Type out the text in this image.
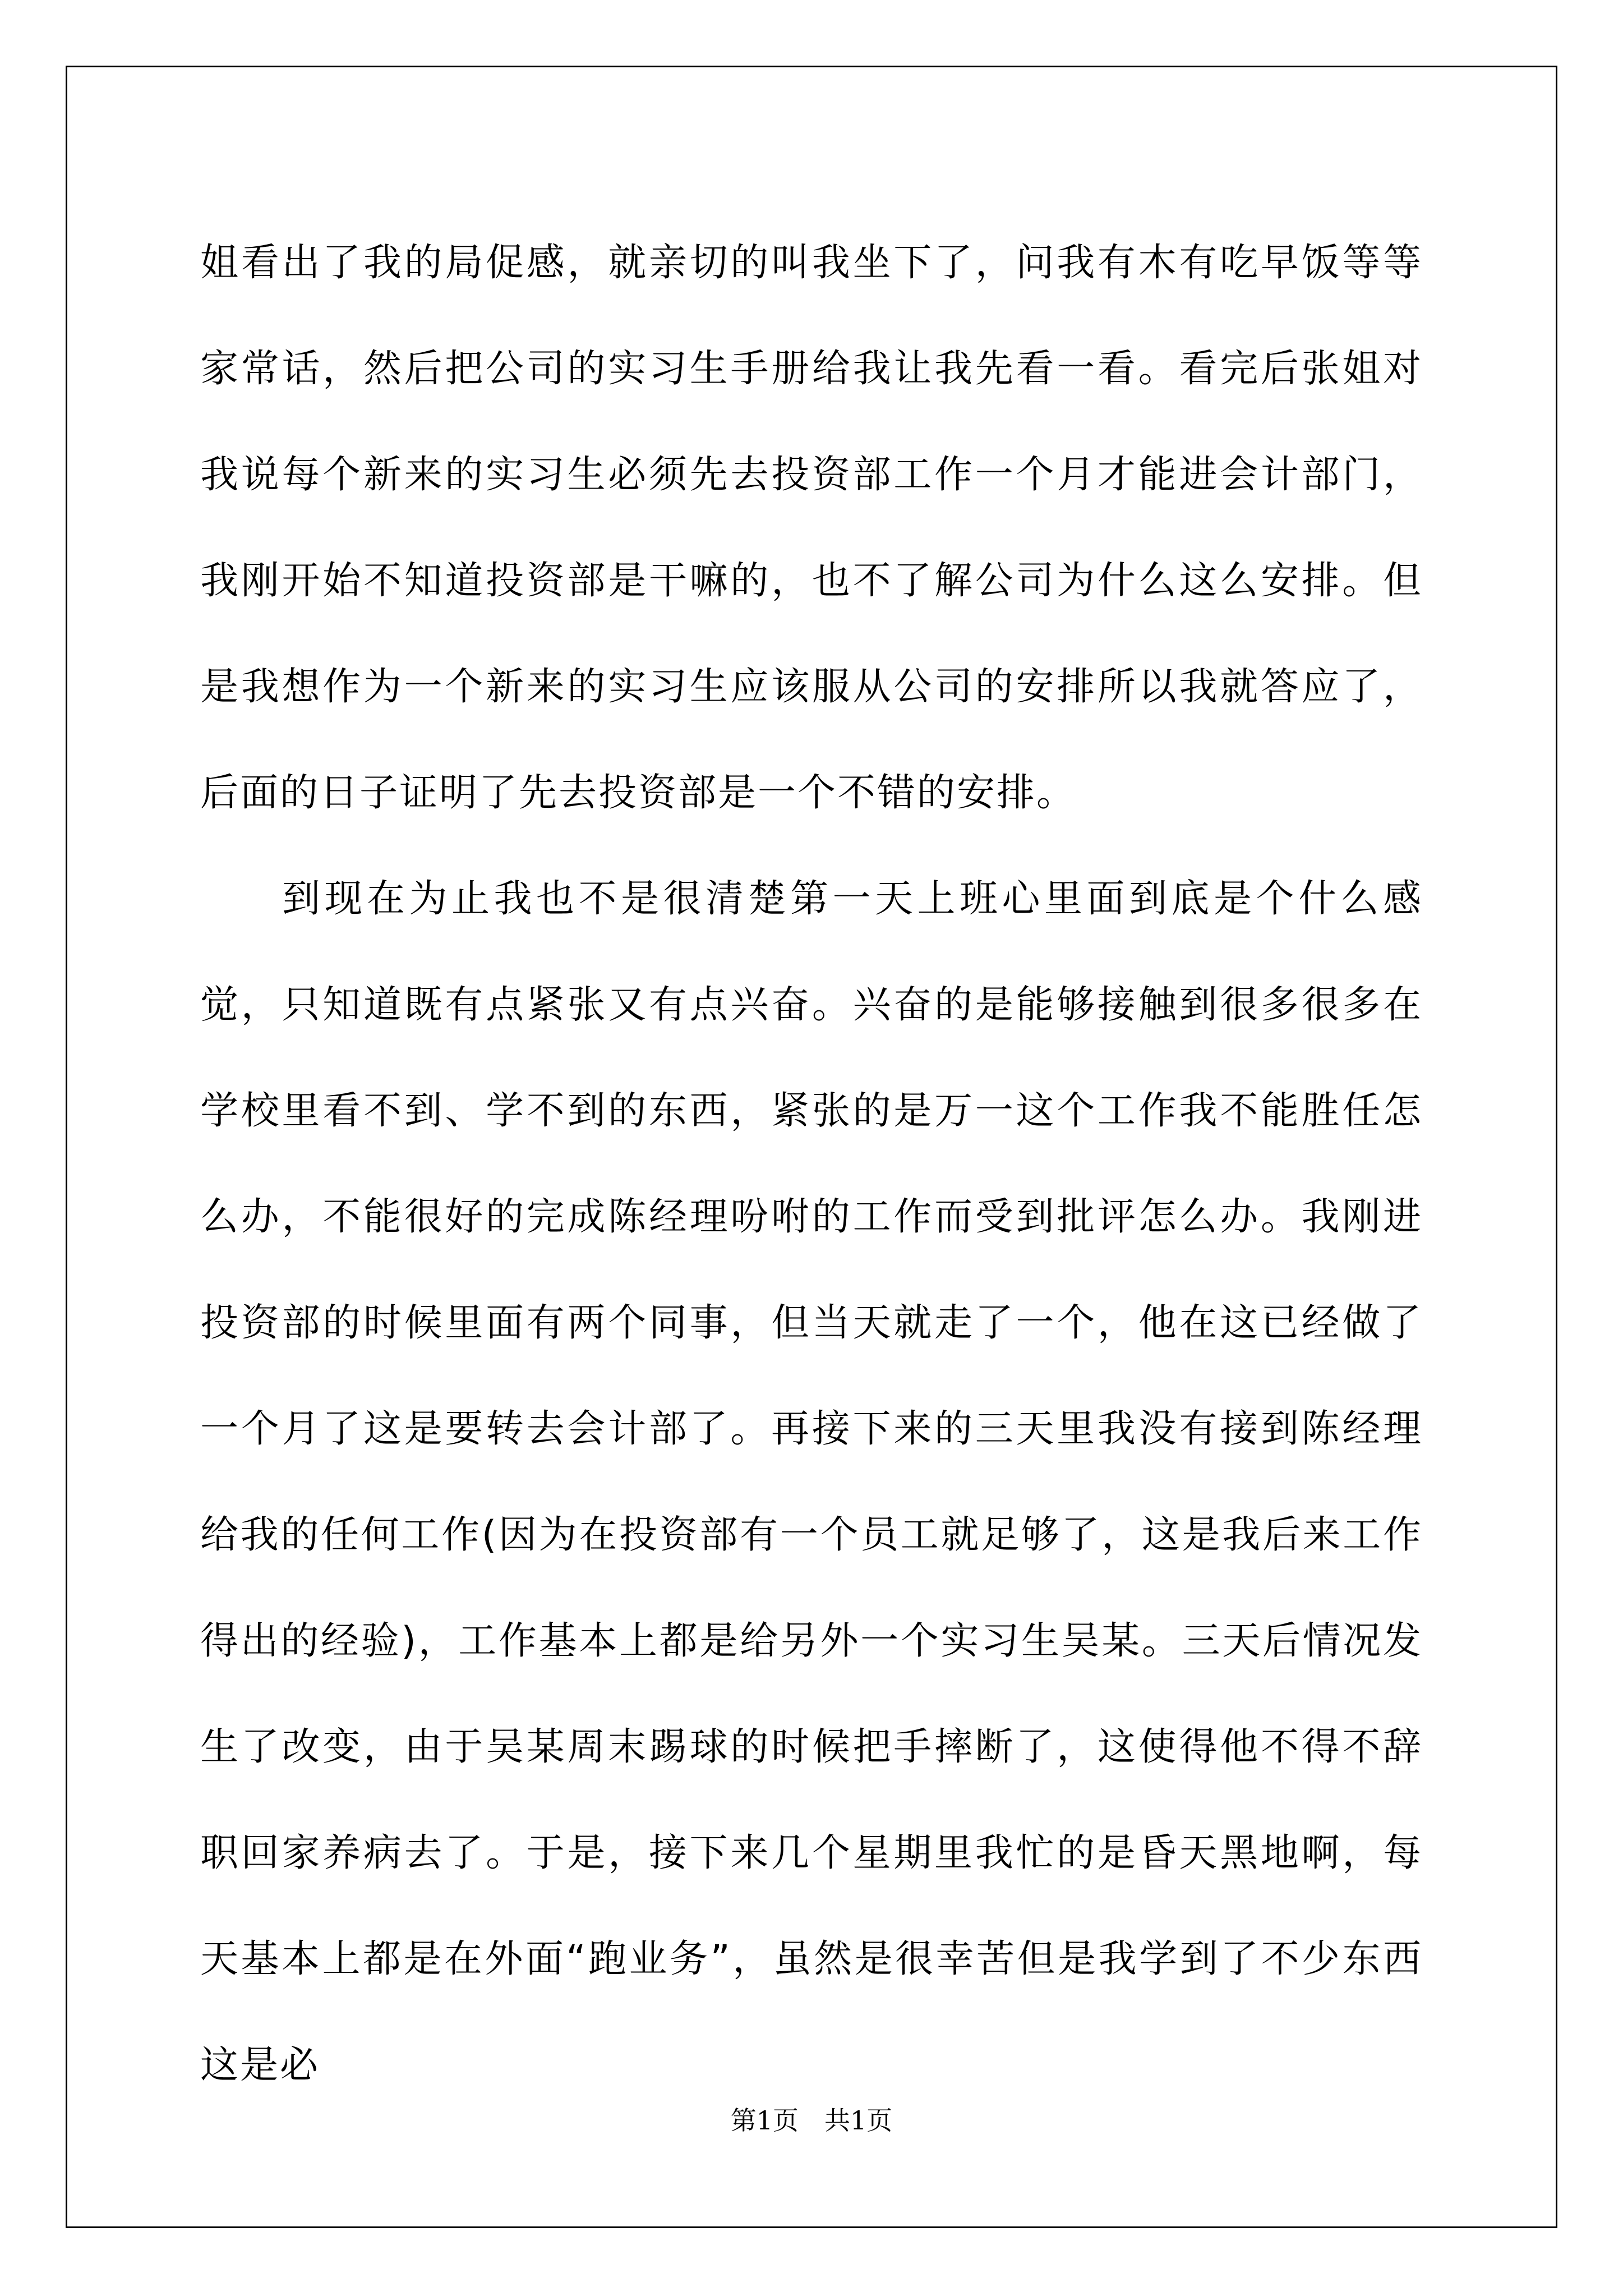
姐看出了我的局促感，就亲切的叫我坐下了，问我有木有吃早饭等等家常话，然后把公司的实习生手册给我让我先看一看。看完后张姐对我说每个新来的实习生必须先去投资部工作一个月才能进会计部门，我刚开始不知道投资部是干嘛的，也不了解公司为什么这么安排。但是我想作为一个新来的实习生应该服从公司的安排所以我就答应了，后面的日子证明了先去投资部是一个不错的安排。

到现在为止我也不是很清楚第一天上班心里面到底是个什么感觉，只知道既有点紧张又有点兴奋。兴奋的是能够接触到很多很多在学校里看不到、学不到的东西，紧张的是万一这个工作我不能胜任怎么办，不能很好的完成陈经理吩咐的工作而受到批评怎么办。我刚进投资部的时候里面有两个同事，但当天就走了一个，他在这已经做了一个月了这是要转去会计部了。再接下来的三天里我没有接到陈经理给我的任何工作(因为在投资部有一个员工就足够了，这是我后来工作得出的经验)，工作基本上都是给另外一个实习生吴某。三天后情况发生了改变，由于吴某周末踢球的时候把手摔断了，这使得他不得不辞职回家养病去了。于是，接下来几个星期里我忙的是昏天黑地啊，每天基本上都是在外面“跑业务”，虽然是很幸苦但是我学到了不少东西这是必

第1页 共1页
